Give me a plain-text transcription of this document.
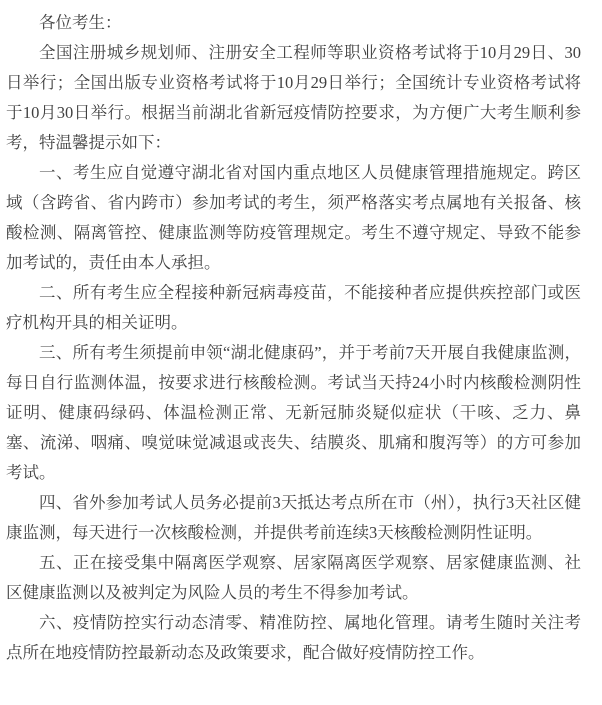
各位考生：

全国注册城乡规划师、注册安全工程师等职业资格考试将于10月29日、30日举行；全国出版专业资格考试将于10月29日举行；全国统计专业资格考试将于10月30日举行。根据当前湖北省新冠疫情防控要求，为方便广大考生顺利参考，特温馨提示如下：

一、考生应自觉遵守湖北省对国内重点地区人员健康管理措施规定。跨区域（含跨省、省内跨市）参加考试的考生，须严格落实考点属地有关报备、核酸检测、隔离管控、健康监测等防疫管理规定。考生不遵守规定、导致不能参加考试的，责任由本人承担。

二、所有考生应全程接种新冠病毒疫苗，不能接种者应提供疾控部门或医疗机构开具的相关证明。

三、所有考生须提前申领“湖北健康码”，并于考前7天开展自我健康监测，每日自行监测体温，按要求进行核酸检测。考试当天持24小时内核酸检测阴性证明、健康码绿码、体温检测正常、无新冠肺炎疑似症状（干咳、乏力、鼻塞、流涕、咽痛、嗅觉味觉减退或丧失、结膜炎、肌痛和腹泻等）的方可参加考试。

四、省外参加考试人员务必提前3天抵达考点所在市（州），执行3天社区健康监测，每天进行一次核酸检测，并提供考前连续3天核酸检测阴性证明。

五、正在接受集中隔离医学观察、居家隔离医学观察、居家健康监测、社区健康监测以及被判定为风险人员的考生不得参加考试。

六、疫情防控实行动态清零、精准防控、属地化管理。请考生随时关注考点所在地疫情防控最新动态及政策要求，配合做好疫情防控工作。
